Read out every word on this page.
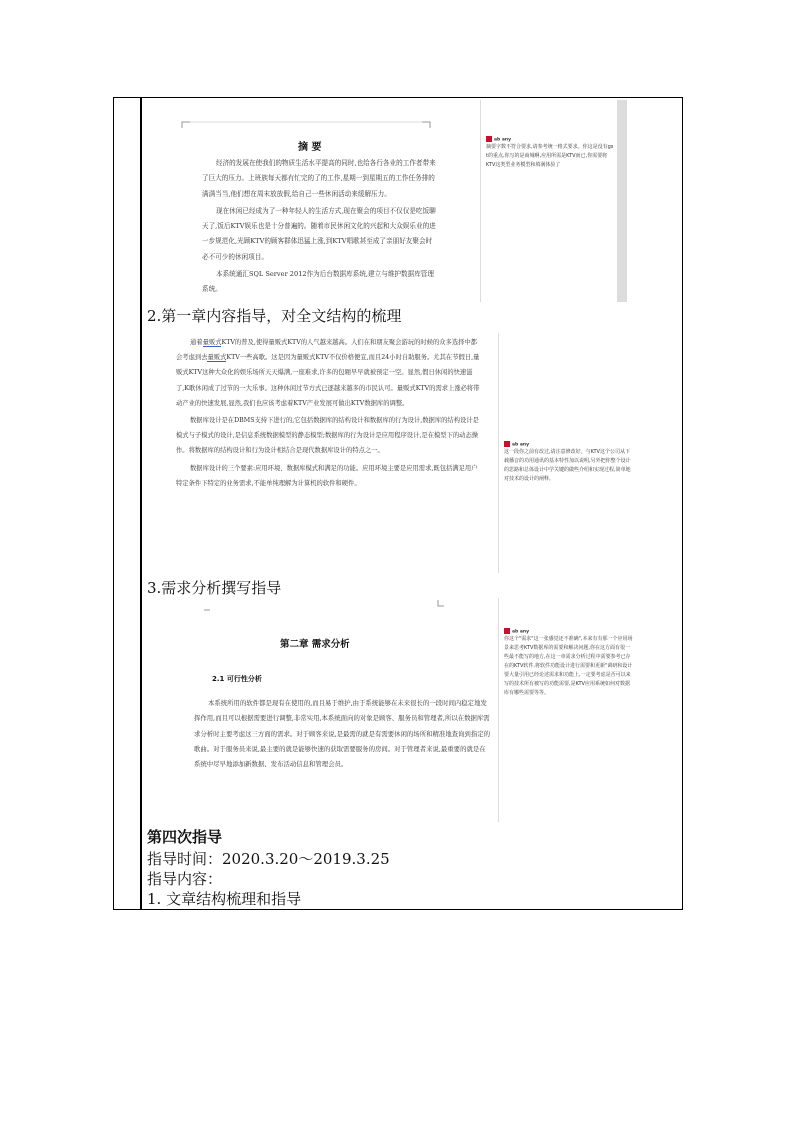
摘 要

经济的发展在使我们的物质生活水平提高的同时,也给各行各业的工作者带来了巨大的压力。上班族每天都有忙完的了的工作,星期一到星期五的工作任务排的满满当当,他们想在周末放放假,给自己一些休闲活动来缓解压力。

现在休闲已经成为了一种年轻人的生活方式,现在聚会的项目不仅仅是吃饭聊天了,饭后KTV娱乐也是十分普遍的。随着市民休闲文化的兴起和大众娱乐业的进一步规范化,光顾KTV的顾客群体迅猛上涨,到KTV唱歌甚至成了亲朋好友聚会时必不可少的休闲项目。

本系统通汇SQL Server 2012作为后台数据库系统,建立与维护数据库管理系统。

ab any
摘要字数不符合要求,请参考统一格式要求。你这是没有gs t的重点,你写的是商城啊,应用所需是KTV而已,你需要将KTV这类型业务模型和填满体验了
2.第一章内容指导，对全文结构的梳理

通着量贩式KTV的普及,使得量贩式KTV的人气越来越高。人们在和朋友聚会游玩的时候的众多选择中都会考虑到去量贩式KTV一些高歌。这是因为量贩式KTV不仅价格便宜,而且24小时自助服务。尤其在节假日,量贩式KTV这种大众化的娱乐场所天天爆满,一座难求,许多的包厢早早就被预定一空。显然,假日休闲的快速滋了,K歌休闲成了过节的一大乐事。这种休闲过节方式已逐越来越多的市民认可。量贩式KTV的需求上涨必将带动产业的快速发展,显然,我们也应该考虑着KTV产业发展可做出KTV数据库的调整。

数据库设计是在DBMS支持下进行的,它包括数据库的结构设计和数据库的行为设计,数据库的结构设计是模式与子模式的设计,是信息系统数据模型的静态模型;数据库的行为设计是应用程序设计,是在模型下的动态操作。将数据库的结构设计和行为设计相结合是现代数据库设计的特点之一。

数据库设计的三个要素:应用环境、数据库模式和满足的功能。应用环境主要是应用需求,既包括满足用户特定条件下特定的业务需求,不能单纯理解为计算机的软件和硬件。

ab any
这一段你之前有改过,请注意修改好。与KTV这个公司从下载播音的功用通讯的基本特性加以说明,另外把你整个设计的思路和总体设计中学关键的做些介绍和实现过程,简单地对技术的设计的阐释。
3.需求分析撰写指导
第二章 需求分析
2.1 可行性分析

本系统所用的软件都是现有在使用的,而且易于维护,由于系统能够在未来很长的一段时间内稳定地发挥作用,而且可以根据需要进行调整,非常实用,本系统面向的对象是顾客、服务员和管理者,所以在数据库需求分析时主要考虑这三方面的需求。对于顾客来说,是最需的就是有需要休闲的场所和精准地查询到指定的歌曲。对于服务员来说,最主要的就是能够快速的获取需要服务的房间。对于管理者来说,最重要的就是在系统中尽早地添加新数据、发布活动信息和管理会员。

ab any
你这个"需求"这一张感觉还不准确",本来有有那一个应用场景来思考KTV数据库的需要和解决问题,你在这方面有很一些最不能写的地方,在这一章需求分析过程中需要参考已存在的KTV软件,将软件功能设计进行需要和更新"调研和设计要大量引用已经论述需求和功能上,一定要考虑是否可以来写的技术所有被写的功能需要,是KTV应用系统如何对数据库有哪些需要等等。
第四次指导
指导时间：2020.3.20～2019.3.25
指导内容：
1. 文章结构梳理和指导
